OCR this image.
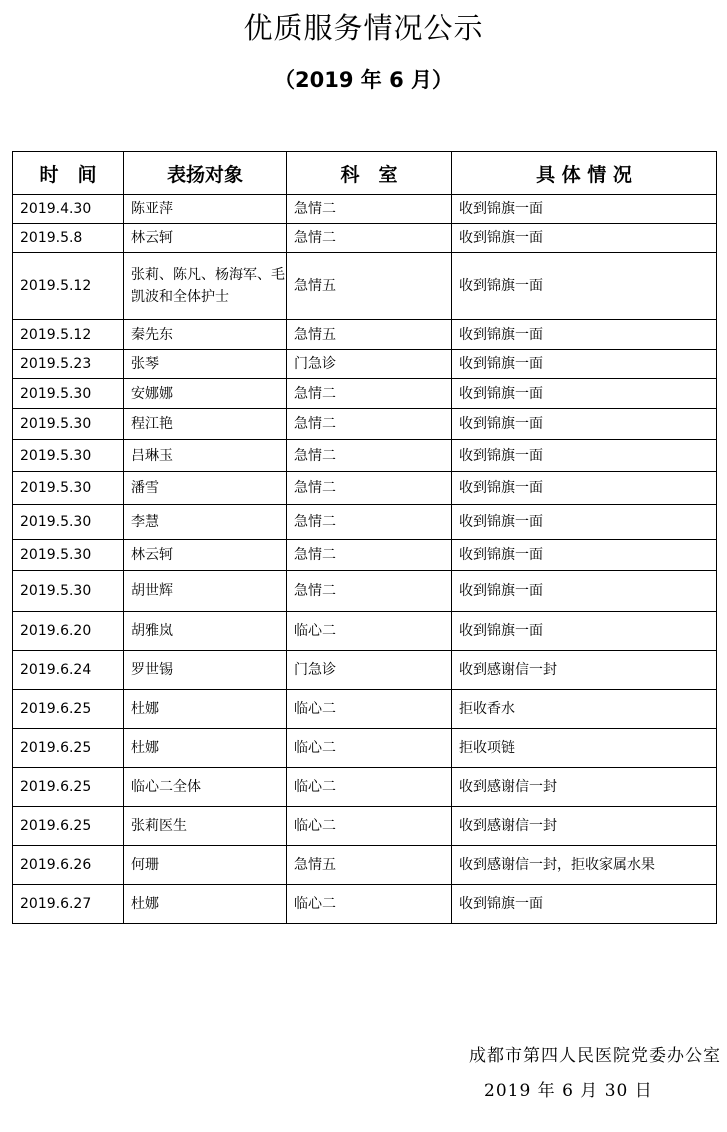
优质服务情况公示
（2019 年 6 月）
时　间	表扬对象	科　室	具 体 情 况
2019.4.30	陈亚萍	急情二	收到锦旗一面
2019.5.8	林云轲	急情二	收到锦旗一面
2019.5.12	张莉、陈凡、杨海军、毛凯波和全体护士	急情五	收到锦旗一面
2019.5.12	秦先东	急情五	收到锦旗一面
2019.5.23	张琴	门急诊	收到锦旗一面
2019.5.30	安娜娜	急情二	收到锦旗一面
2019.5.30	程江艳	急情二	收到锦旗一面
2019.5.30	吕琳玉	急情二	收到锦旗一面
2019.5.30	潘雪	急情二	收到锦旗一面
2019.5.30	李慧	急情二	收到锦旗一面
2019.5.30	林云轲	急情二	收到锦旗一面
2019.5.30	胡世辉	急情二	收到锦旗一面
2019.6.20	胡雅岚	临心二	收到锦旗一面
2019.6.24	罗世锡	门急诊	收到感谢信一封
2019.6.25	杜娜	临心二	拒收香水
2019.6.25	杜娜	临心二	拒收项链
2019.6.25	临心二全体	临心二	收到感谢信一封
2019.6.25	张莉医生	临心二	收到感谢信一封
2019.6.26	何珊	急情五	收到感谢信一封，拒收家属水果
2019.6.27	杜娜	临心二	收到锦旗一面
成都市第四人民医院党委办公室
2019 年 6 月 30 日
